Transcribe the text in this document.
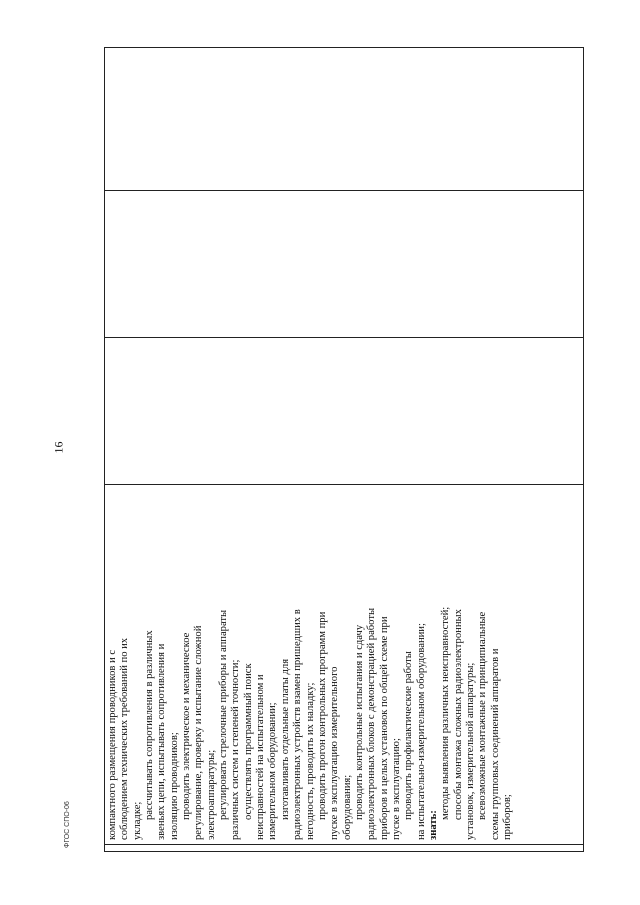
16
компактного размещения проводников и с соблюдением технических требований по их укладке;
рассчитывать сопротивления в различных звеньях цепи, испытывать сопротивления и изоляцию проводников; проводить электрическое и механическое регулирование, проверку и испытание сложной электроаппаратуры; регулировать стрелочные приборы и аппараты различных систем и степеней точности; осуществлять программный поиск неисправностей на испытательном и измерительном оборудовании; изготавливать отдельные платы для радиоэлектронных устройств взамен пришедших в негодность, проводить их наладку; проводить прогон контрольных программ при пуске в эксплуатацию измерительного оборудования; проводить контрольные испытания и сдачу радиоэлектронных блоков с демонстрацией работы приборов и целых установок по общей схеме при пуске в эксплуатацию; проводить профилактические работы на испытательно-измерительном оборудовании; знать:
методы выявления различных неисправностей; способы монтажа сложных радиоэлектронных установок, измерительной аппаратуры; всевозможные монтажные и принципиальные схемы групповых соединений аппаратов и приборов;
ФГОС СПО-06
